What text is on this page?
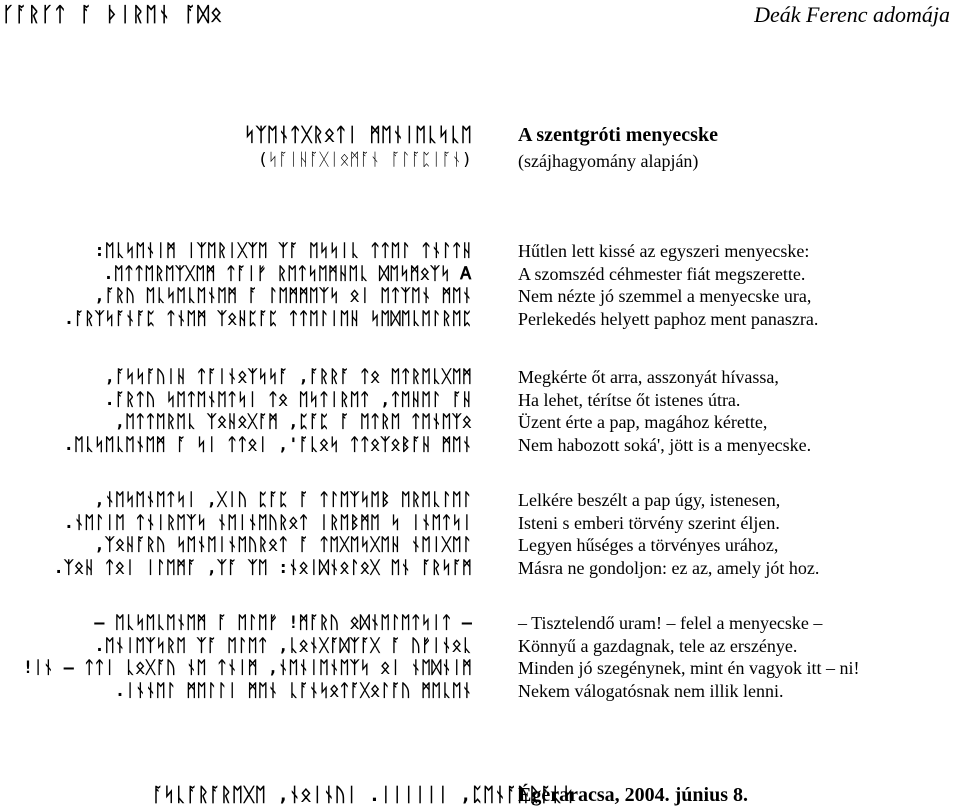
ᚴᚪᚱᚴᛏ ᚪ ᚦᛁᚱᛖᚾ ᚪᛞᛟ	Deák Ferenc adomája
ᛋᛉᛖᚾᛏᚷᚱᛟᛏᛁ ᛗᛖᚾᛁᛖᚳᛋᚳᛖ
(ᛋᚪᛁᚺᚪᚷᛁᛟᛗᚪᚾ ᚪᛚᚪᛈᛁᚪᚾ)
A szentgróti menyecske
(szájhagyomány alapján)
:ᛖᚳᛋᛖᚾᛁᛗ ᛁᛉᛖᚱᛁᚷᛉᛖ ᛉᚪ ᛖᛋᛋᛁᚳ ᛏᛏᛖᛚ ᛏᚾᛚᛏᚺ
.ᛖᛏᛏᛖᚱᛖᛉᚷᛖᛗ ᛏᚪᛁᚠ ᚱᛖᛏᛋᛖᛗᚺᛖᚳ ᛞᛖᛋᛗᛟᛉᛋ Ꭺ
,ᚪᚱᚢ ᛖᚳᛋᛖᚳᛖᚾᛖᛗ ᚪ ᛚᛖᛗᛗᛖᛉᛋ ᛟᛁ ᛖᛏᛉᛖᚾ ᛗᛖᚾ
.ᚪᚱᛉᛋᚪᚾᚪᛈ ᛏᚾᛖᛗ ᛉᛟᚺᛈᚪᛈ ᛏᛏᛖᛚᛁᛖᚺ ᛋᛖᛞᛖᚳᛖᛚᚱᛖᛈ
Hűtlen lett kissé az egyszeri menyecske:
A szomszéd céhmester fiát megszerette.
Nem nézte jó szemmel a menyecske ura,
Perlekedés helyett paphoz ment panaszra.
,ᚪᛋᛋᚪᚢᛁᚺ ᛏᚪᛁᚾᛟᛉᛋᛋᚪ ,ᚪᚱᚱᚪ ᛏᛟ ᛖᛏᚱᛖᚳᚷᛖᛗ
.ᚪᚱᛏᚢ ᛋᛖᛏᛖᚾᛖᛏᛋᛁ ᛏᛟ ᛖᛋᛏᛁᚱᛖᛏ ,ᛏᛖᚺᛖᛚ ᚪᚺ
,ᛖᛏᛏᛖᚱᛖᚳ ᛉᛟᚺᛟᚷᚪᛗ ,ᛈᚪᛈ ᚪ ᛖᛏᚱᛖ ᛏᛖᚾᛖᛉᛟ
.ᛖᚳᛋᛖᚳᛖᚾᛖᛗ ᚪ ᛋᛁ ᛏᛏᛟᛁ ,'ᚪᚳᛟᛋ ᛏᛏᛟᛉᛟᛒᚪᚺ ᛗᛖᚾ
Megkérte őt arra, asszonyát hívassa,
Ha lehet, térítse őt istenes útra.
Üzent érte a pap, magához kérette,
Nem habozott soká', jött is a menyecske.
,ᚾᛖᛋᛖᚾᛖᛏᛋᛁ ,ᚷᛁᚢ ᛈᚪᛈ ᚪ ᛏᛚᛖᛉᛋᛖᛒ ᛖᚱᛖᚳᛚᛖᛚ
.ᚾᛖᛚᛁᛖ ᛏᚾᛁᚱᛖᛉᛋ ᚾᛖᛁᚾᛖᚢᚱᛟᛏ ᛁᚱᛖᛒᛗᛖ ᛋ ᛁᚾᛖᛏᛋᛁ
,ᛉᛟᚺᚪᚱᚢ ᛋᛖᚾᛖᛁᚾᛖᚢᚱᛟᛏ ᚪ ᛏᛖᚷᛖᛋᚷᛖᚺ ᚾᛖᛁᚷᛖᛚ
.ᛉᛟᚺ ᛏᛟᛁ ᛁᛚᛖᛗᚪ ,ᛉᚪ ᛉᛖ :ᚾᛟᛁᛞᚾᛟᛚᛟᚷ ᛖᚾ ᚪᚱᛋᚪᛗ
Lelkére beszélt a pap úgy, istenesen,
Isteni s emberi törvény szerint éljen.
Legyen hűséges a törvényes urához,
Másra ne gondoljon: ez az, amely jót hoz.
– ᛖᚳᛋᛖᚳᛖᚾᛖᛗ ᚪ ᛖᛚᛖᚠ !ᛗᚪᚱᚢ ᛟᛞᚾᛖᛚᛖᛏᛋᛁᛏ –
.ᛖᚾᛁᛖᛉᛋᚱᛖ ᛉᚪ ᛖᛚᛖᛏ ,ᚳᛟᚾᚷᚪᛞᛉᚪᚷ ᚪ ᚢᚠᛁᚾᛟᚳ
!ᛁᚾ – ᛏᛏᛁ ᚳᛟᚷᚪᚢ ᚾᛖ ᛏᚾᛁᛗ ,ᚾᛖᚾᛁᛖᚾᛖᛉᛋ ᛟᛁ ᚾᛖᛞᚾᛁᛗ
.ᛁᚾᚾᛖᛚ ᛗᛖᛚᛚᛁ ᛗᛖᚾ ᚳᚪᚾᛋᛟᛏᚪᚷᛟᛚᚪᚢ ᛗᛖᚳᛖᚾ
– Tisztelendő uram! – felel a menyecske –
Könnyű a gazdagnak, tele az erszénye.
Minden jó szegénynek, mint én vagyok itt – ni!
Nekem válogatósnak nem illik lenni.
ᚪᛋᚳᚪᚱᚪᚱᛖᚷᛖ ,ᚾᛟᛁᚾᚢᛁ .ᛁᛁᛁᛁᛁᛁ ,ᛈᛖᚾᚪᚢᚱᚪᚳᛋ
Égeraracsa, 2004. június 8.
